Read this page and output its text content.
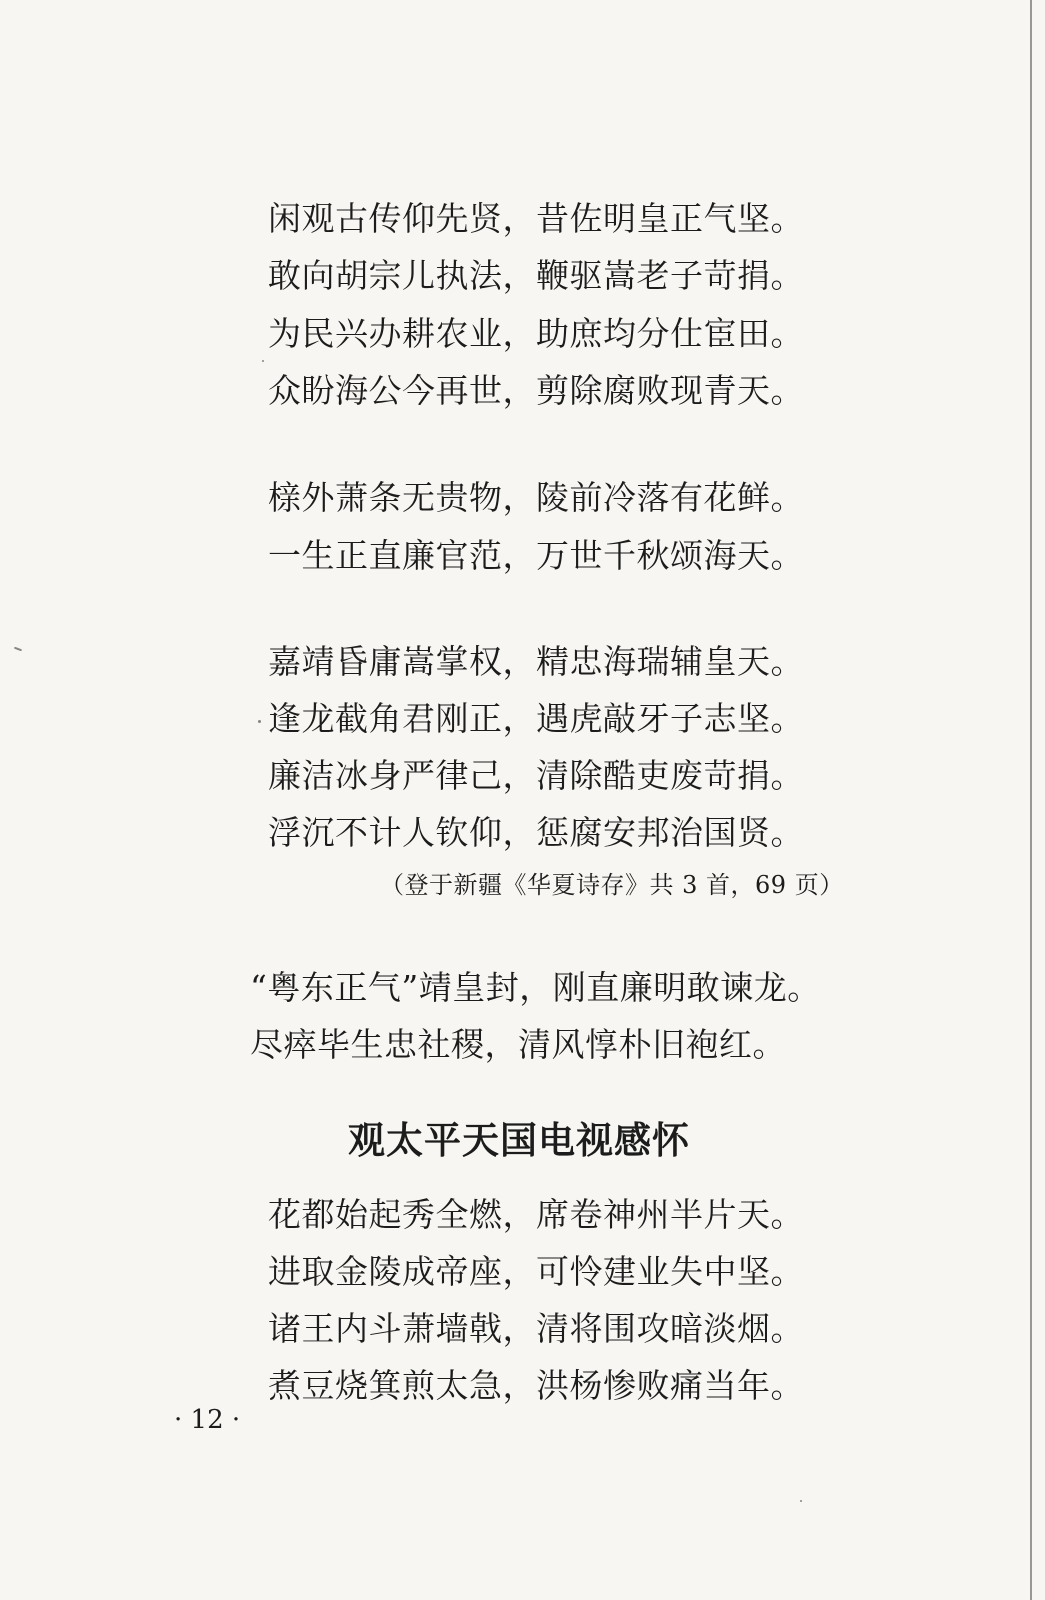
闲观古传仰先贤，昔佐明皇正气坚。
敢向胡宗儿执法，鞭驱嵩老子苛捐。
为民兴办耕农业，助庶均分仕宦田。
众盼海公今再世，剪除腐败现青天。
榇外萧条无贵物，陵前冷落有花鲜。
一生正直廉官范，万世千秋颂海天。
嘉靖昏庸嵩掌权，精忠海瑞辅皇天。
逢龙截角君刚正，遇虎敲牙子志坚。
廉洁冰身严律己，清除酷吏废苛捐。
浮沉不计人钦仰，惩腐安邦治国贤。
（登于新疆《华夏诗存》共 3 首，69 页）
“粤东正气”靖皇封，刚直廉明敢谏龙。
尽瘁毕生忠社稷，清风惇朴旧袍红。
观太平天国电视感怀
花都始起秀全燃，席卷神州半片天。
进取金陵成帝座，可怜建业失中坚。
诸王内斗萧墙戟，清将围攻暗淡烟。
煮豆烧箕煎太急，洪杨惨败痛当年。
· 12 ·
